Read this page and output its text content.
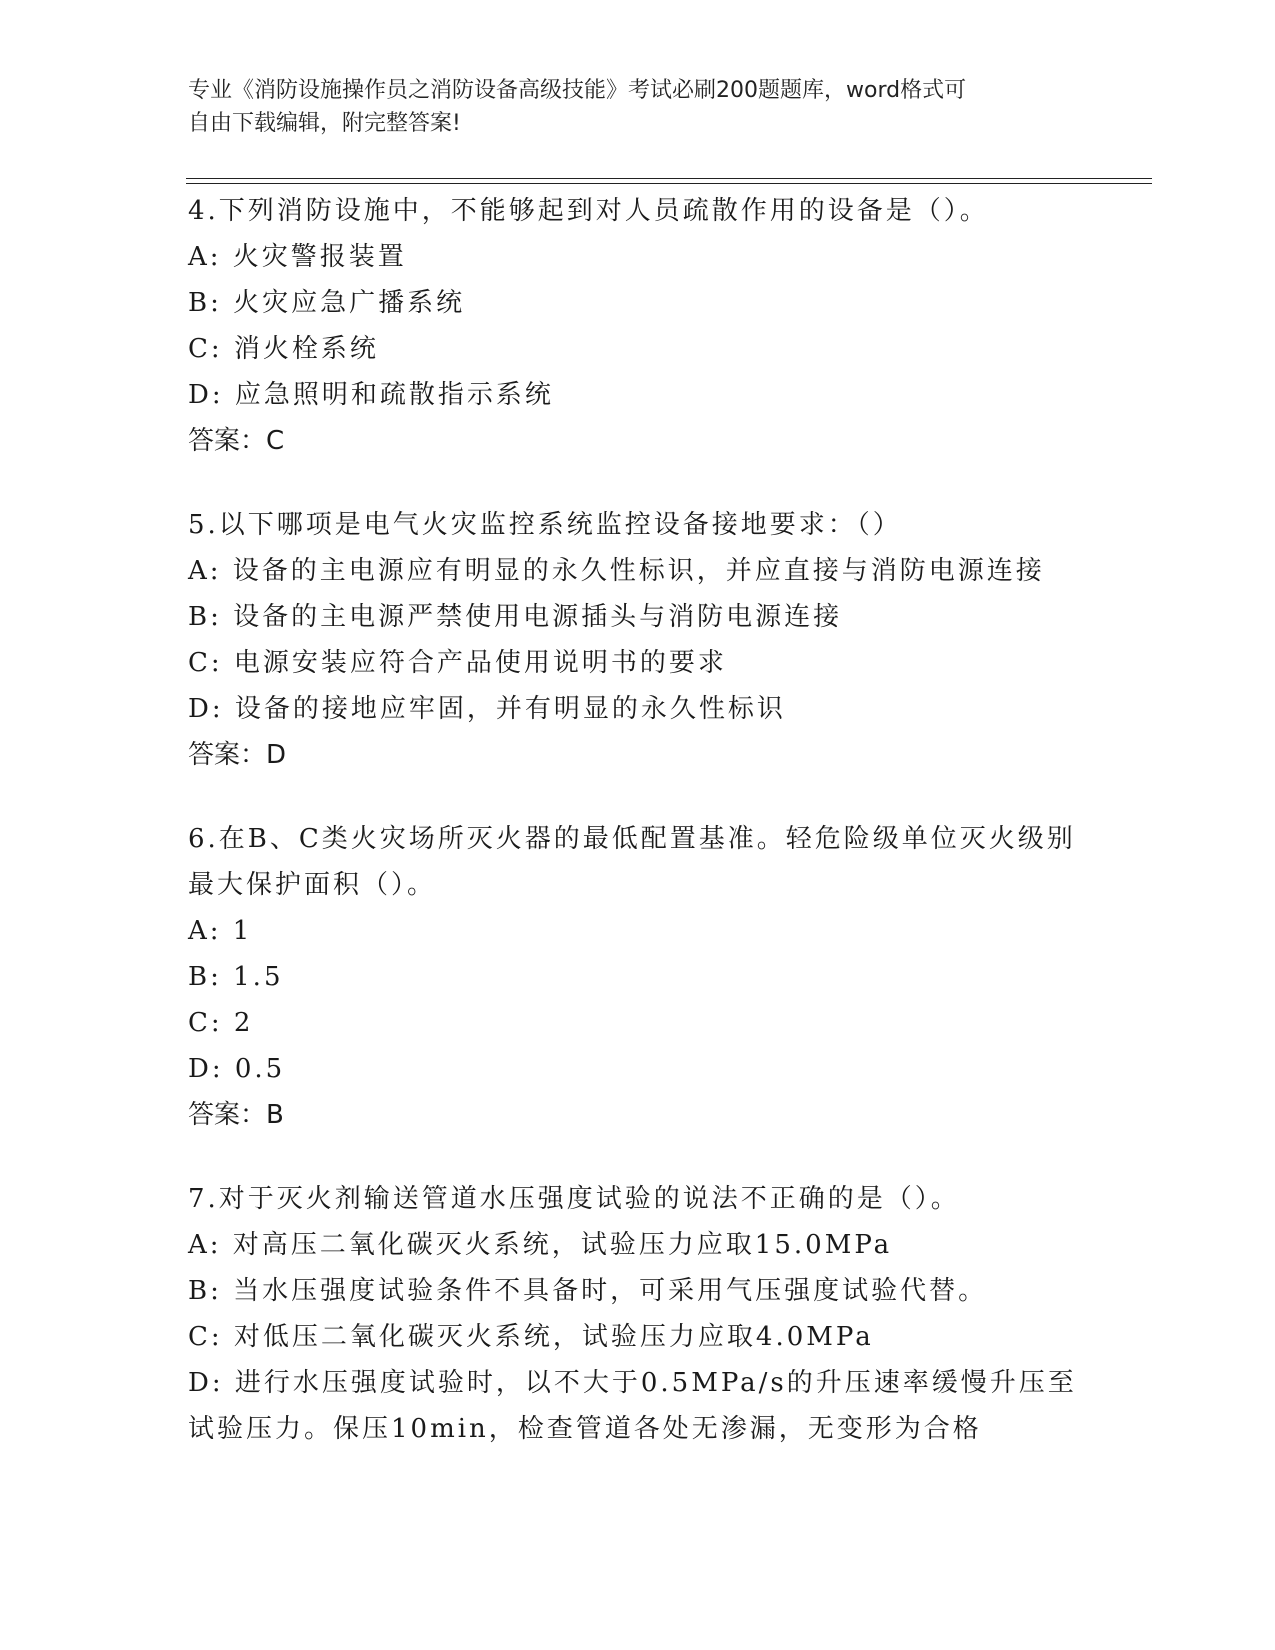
专业《消防设施操作员之消防设备高级技能》考试必刷200题题库，word格式可
自由下载编辑，附完整答案!
4.下列消防设施中，不能够起到对人员疏散作用的设备是（）。
A: 火灾警报装置
B: 火灾应急广播系统
C: 消火栓系统
D: 应急照明和疏散指示系统
答案：C
5.以下哪项是电气火灾监控系统监控设备接地要求：（）
A: 设备的主电源应有明显的永久性标识，并应直接与消防电源连接
B: 设备的主电源严禁使用电源插头与消防电源连接
C: 电源安装应符合产品使用说明书的要求
D: 设备的接地应牢固，并有明显的永久性标识
答案：D
6.在B、C类火灾场所灭火器的最低配置基准。轻危险级单位灭火级别
最大保护面积（）。
A: 1
B: 1.5
C: 2
D: 0.5
答案：B
7.对于灭火剂输送管道水压强度试验的说法不正确的是（）。
A: 对高压二氧化碳灭火系统，试验压力应取15.0MPa
B: 当水压强度试验条件不具备时，可采用气压强度试验代替。
C: 对低压二氧化碳灭火系统，试验压力应取4.0MPa
D: 进行水压强度试验时，以不大于0.5MPa/s的升压速率缓慢升压至
试验压力。保压10min，检查管道各处无渗漏，无变形为合格
